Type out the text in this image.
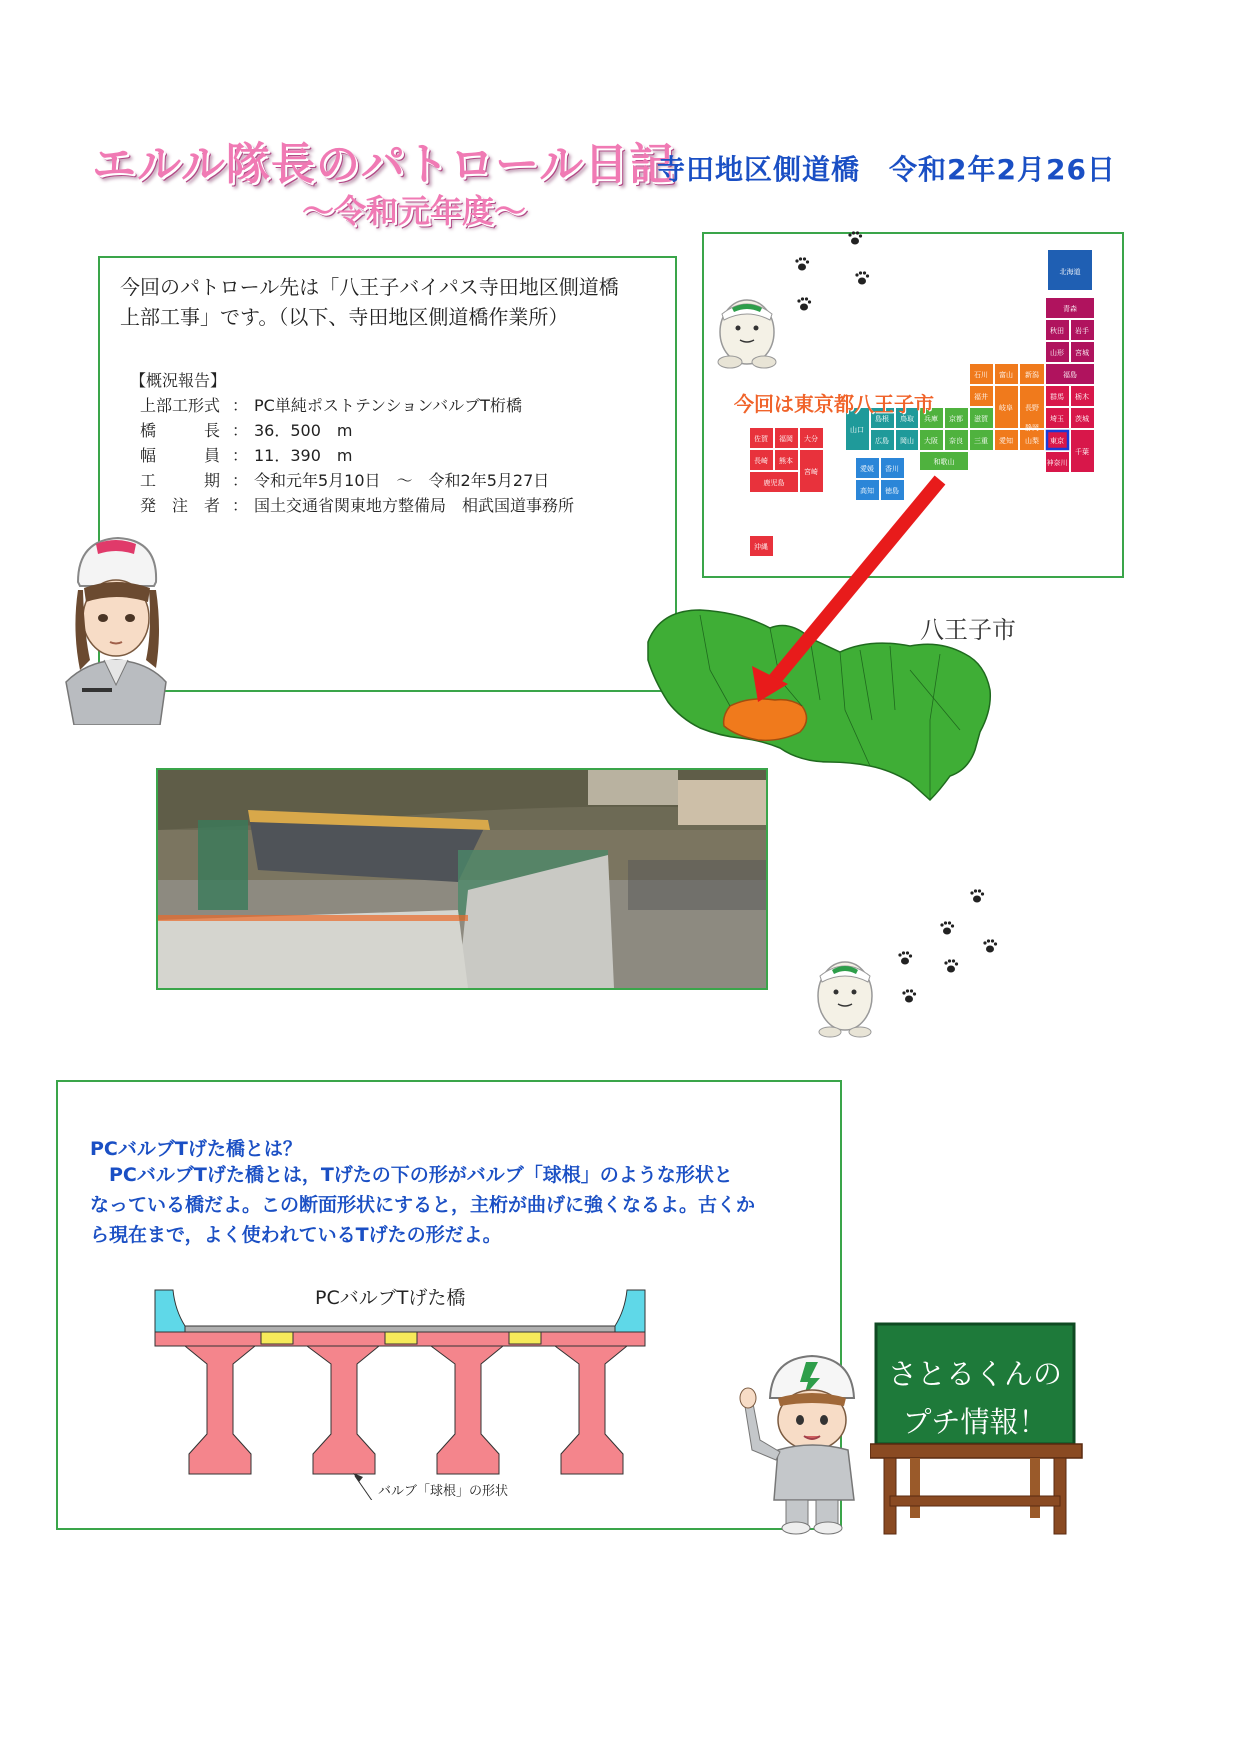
エルル隊長のパトロール日記
～令和元年度～
寺田地区側道橋　令和2年2月26日
今回のパトロール先は「八王子バイパス寺田地区側道橋
上部工事」です。（以下、寺田地区側道橋作業所）
【概況報告】
上部工形式	：	PC単純ポストテンションバルブT桁橋
橋　　　長	：	36．500　m
幅　　　員	：	11．390　m
工　　　期	：	令和元年5月10日　～　令和2年5月27日
発　注　者	：	国土交通省関東地方整備局　相武国道事務所
北海道
青森
秋田 岩手
山形 宮城
福島
群馬 栃木
埼玉 茨城
東京
千葉
神奈川
石川 富山 新潟
福井
岐阜 長野
山梨
愛知
兵庫 京都 滋賀
大阪 奈良 三重
和歌山
静岡
山口
島根 鳥取
広島 岡山
愛媛 香川
高知 徳島
佐賀 福岡 大分
長崎 熊本
宮崎
鹿児島
沖縄
今回は東京都八王子市
八王子市
PCバルブTげた橋とは？
　PCバルブTげた橋とは，Tげたの下の形がバルブ「球根」のような形状と
なっている橋だよ。この断面形状にすると，主桁が曲げに強くなるよ。古くか
ら現在まで，よく使われているTげたの形だよ。
PCバルブTげた橋
バルブ「球根」の形状
さとるくんの
プチ情報！
